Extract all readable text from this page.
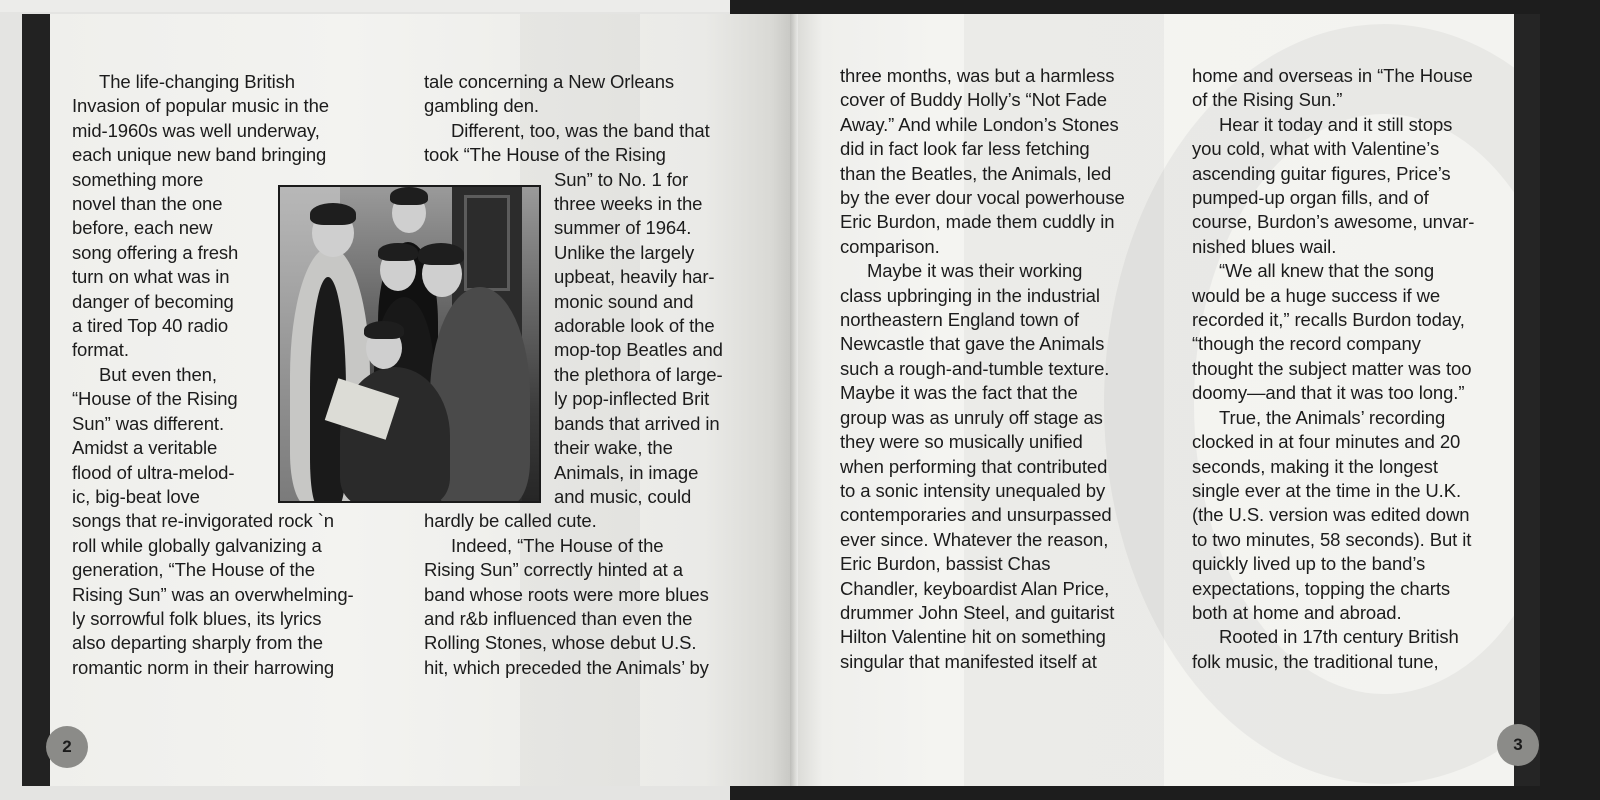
The life-changing British
Invasion of popular music in the
mid-1960s was well underway,
each unique new band bringing
something more
novel than the one
before, each new
song offering a fresh
turn on what was in
danger of becoming
a tired Top 40 radio
format.
But even then,
“House of the Rising
Sun” was different.
Amidst a veritable
flood of ultra-melod-
ic, big-beat love
songs that re-invigorated rock `n
roll while globally galvanizing a
generation, “The House of the
Rising Sun” was an overwhelming-
ly sorrowful folk blues, its lyrics
also departing sharply from the
romantic norm in their harrowing
tale concerning a New Orleans
gambling den.
Different, too, was the band that
took “The House of the Rising
Sun” to No. 1 for
three weeks in the
summer of 1964.
Unlike the largely
upbeat, heavily har-
monic sound and
adorable look of the
mop-top Beatles and
the plethora of large-
ly pop-inflected Brit
bands that arrived in
their wake, the
Animals, in image
and music, could
hardly be called cute.
Indeed, “The House of the
Rising Sun” correctly hinted at a
band whose roots were more blues
and r&b influenced than even the
Rolling Stones, whose debut U.S.
hit, which preceded the Animals’ by
three months, was but a harmless
cover of Buddy Holly’s “Not Fade
Away.” And while London’s Stones
did in fact look far less fetching
than the Beatles, the Animals, led
by the ever dour vocal powerhouse
Eric Burdon, made them cuddly in
comparison.
Maybe it was their working
class upbringing in the industrial
northeastern England town of
Newcastle that gave the Animals
such a rough-and-tumble texture.
Maybe it was the fact that the
group was as unruly off stage as
they were so musically unified
when performing that contributed
to a sonic intensity unequaled by
contemporaries and unsurpassed
ever since. Whatever the reason,
Eric Burdon, bassist Chas
Chandler, keyboardist Alan Price,
drummer John Steel, and guitarist
Hilton Valentine hit on something
singular that manifested itself at
home and overseas in “The House
of the Rising Sun.”
Hear it today and it still stops
you cold, what with Valentine’s
ascending guitar figures, Price’s
pumped-up organ fills, and of
course, Burdon’s awesome, unvar-
nished blues wail.
“We all knew that the song
would be a huge success if we
recorded it,” recalls Burdon today,
“though the record company
thought the subject matter was too
doomy—and that it was too long.”
True, the Animals’ recording
clocked in at four minutes and 20
seconds, making it the longest
single ever at the time in the U.K.
(the U.S. version was edited down
to two minutes, 58 seconds). But it
quickly lived up to the band’s
expectations, topping the charts
both at home and abroad.
Rooted in 17th century British
folk music, the traditional tune,
2	3
